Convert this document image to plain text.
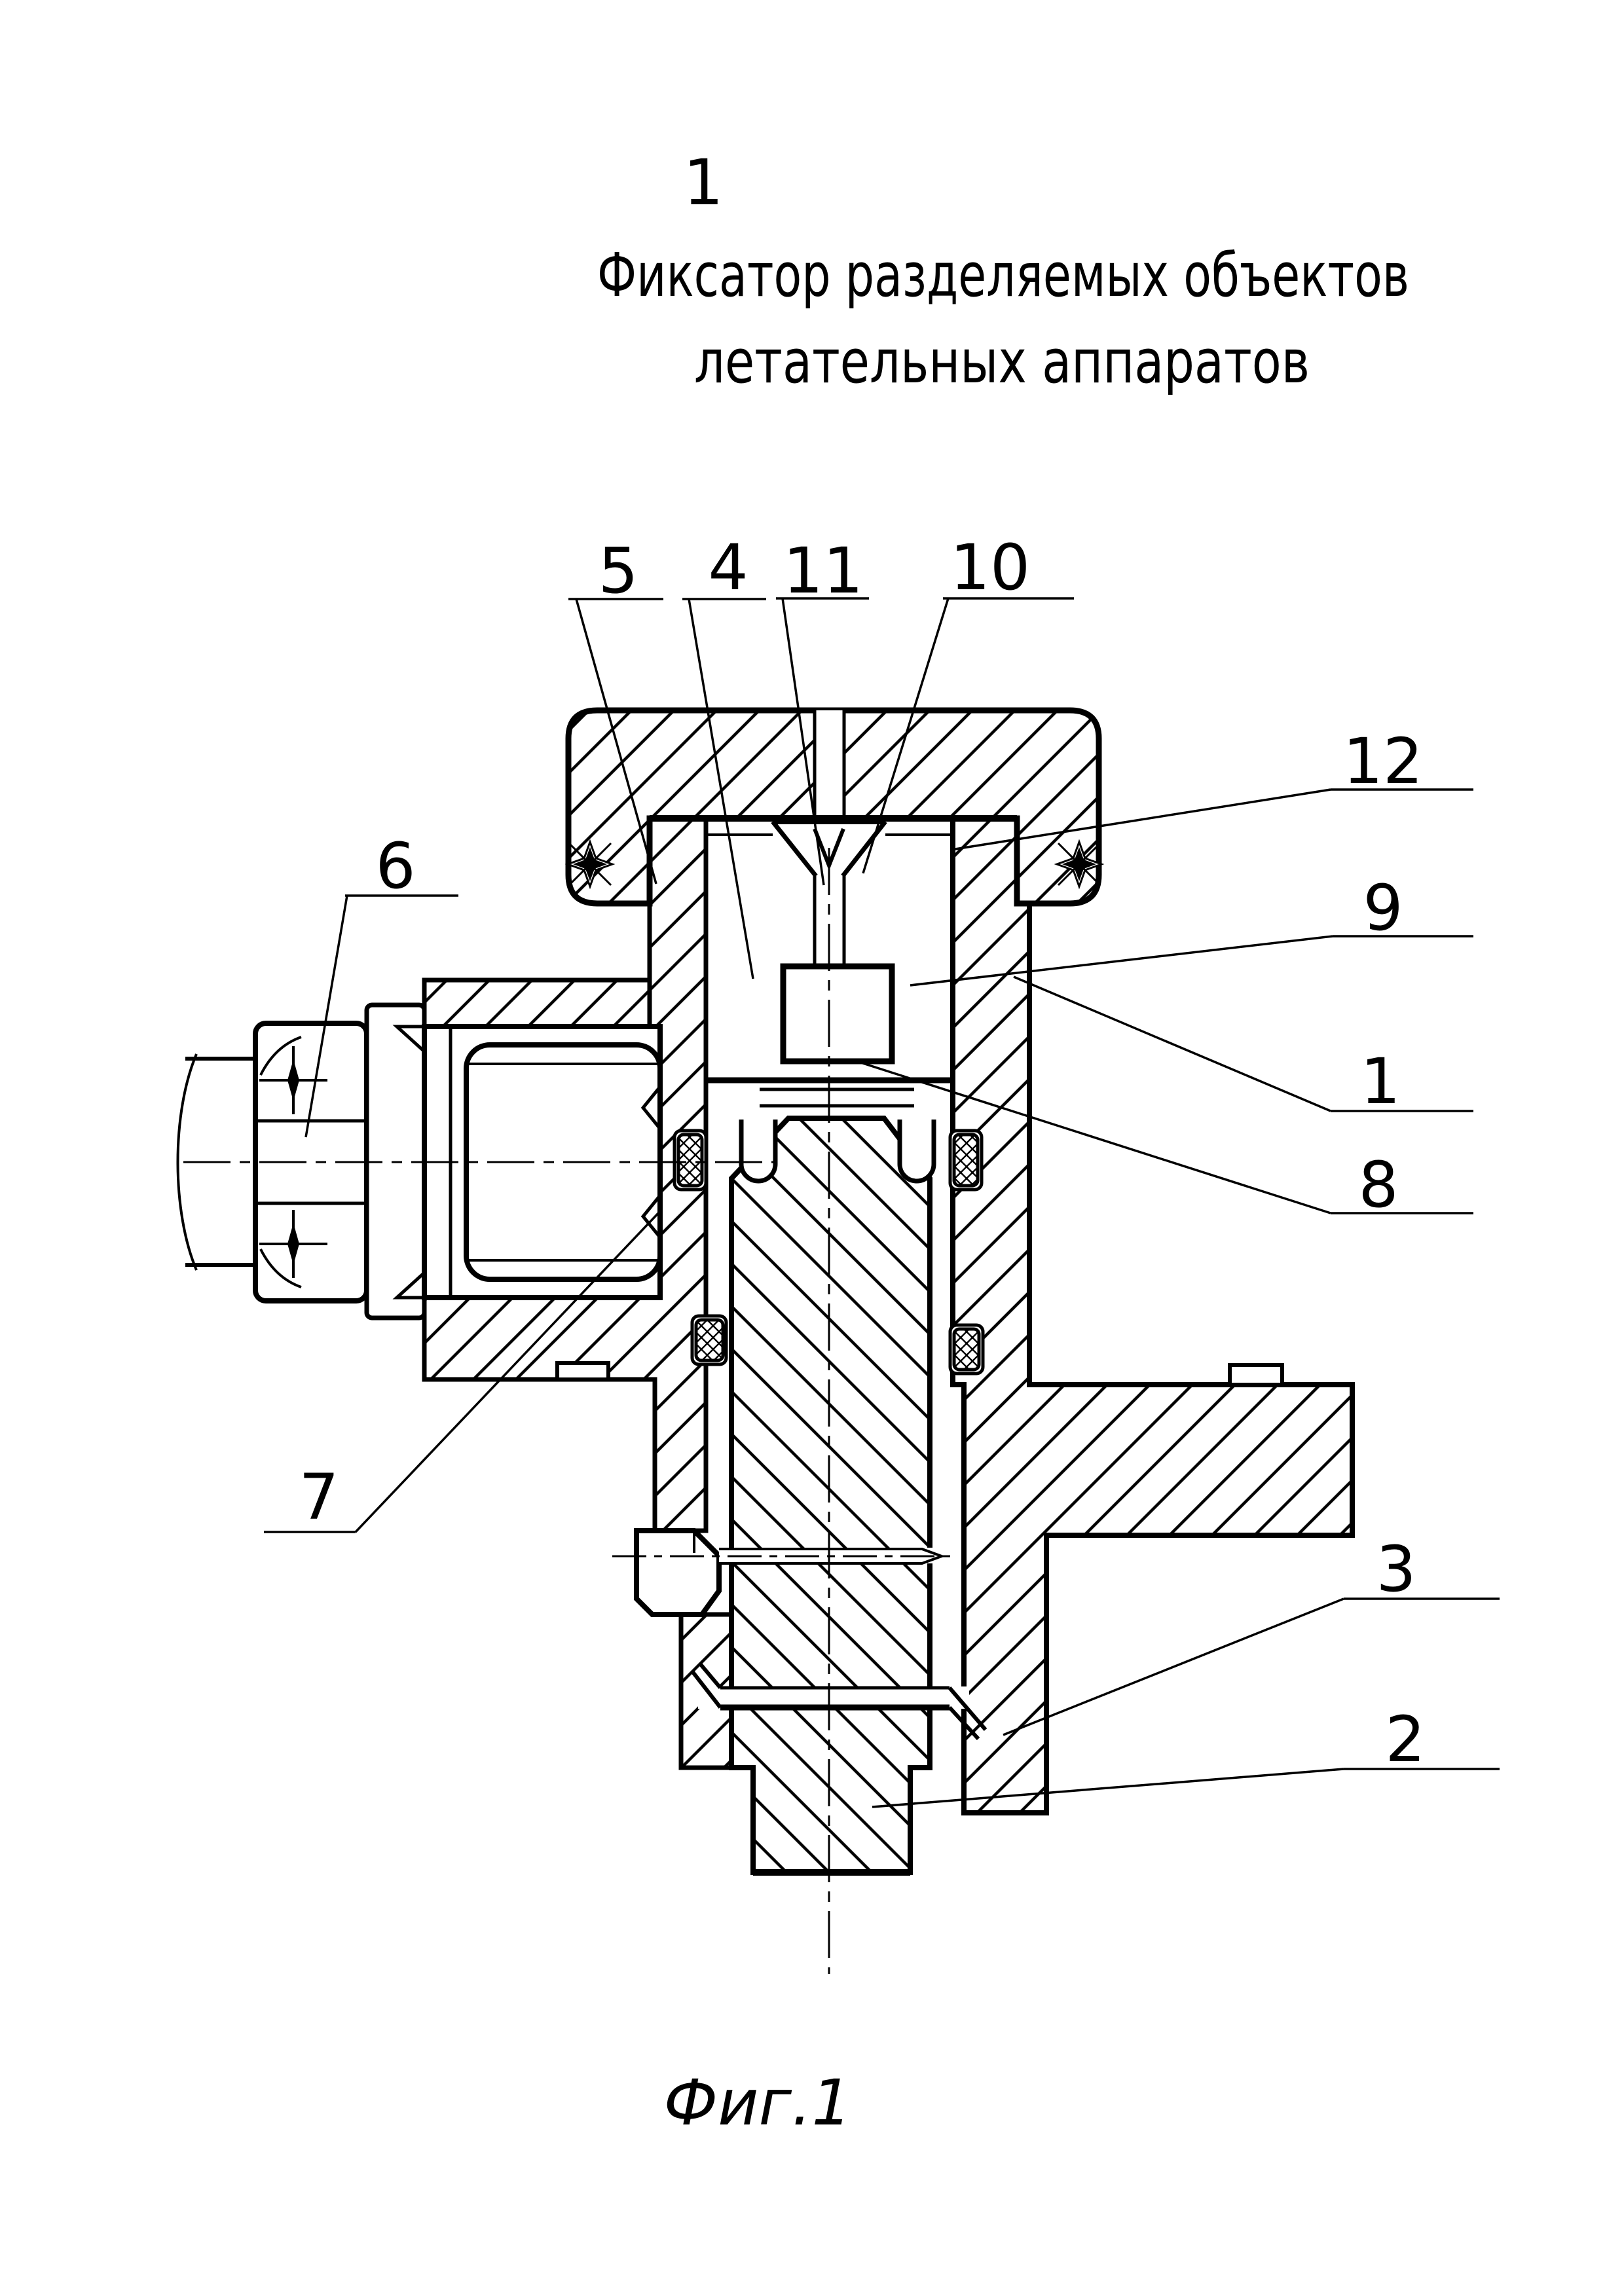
1
Фиксатор разделяемых объектов
летательных аппаратов
5 4 11 10
12
9
1
8
6
7
3
2
Фиг.1
